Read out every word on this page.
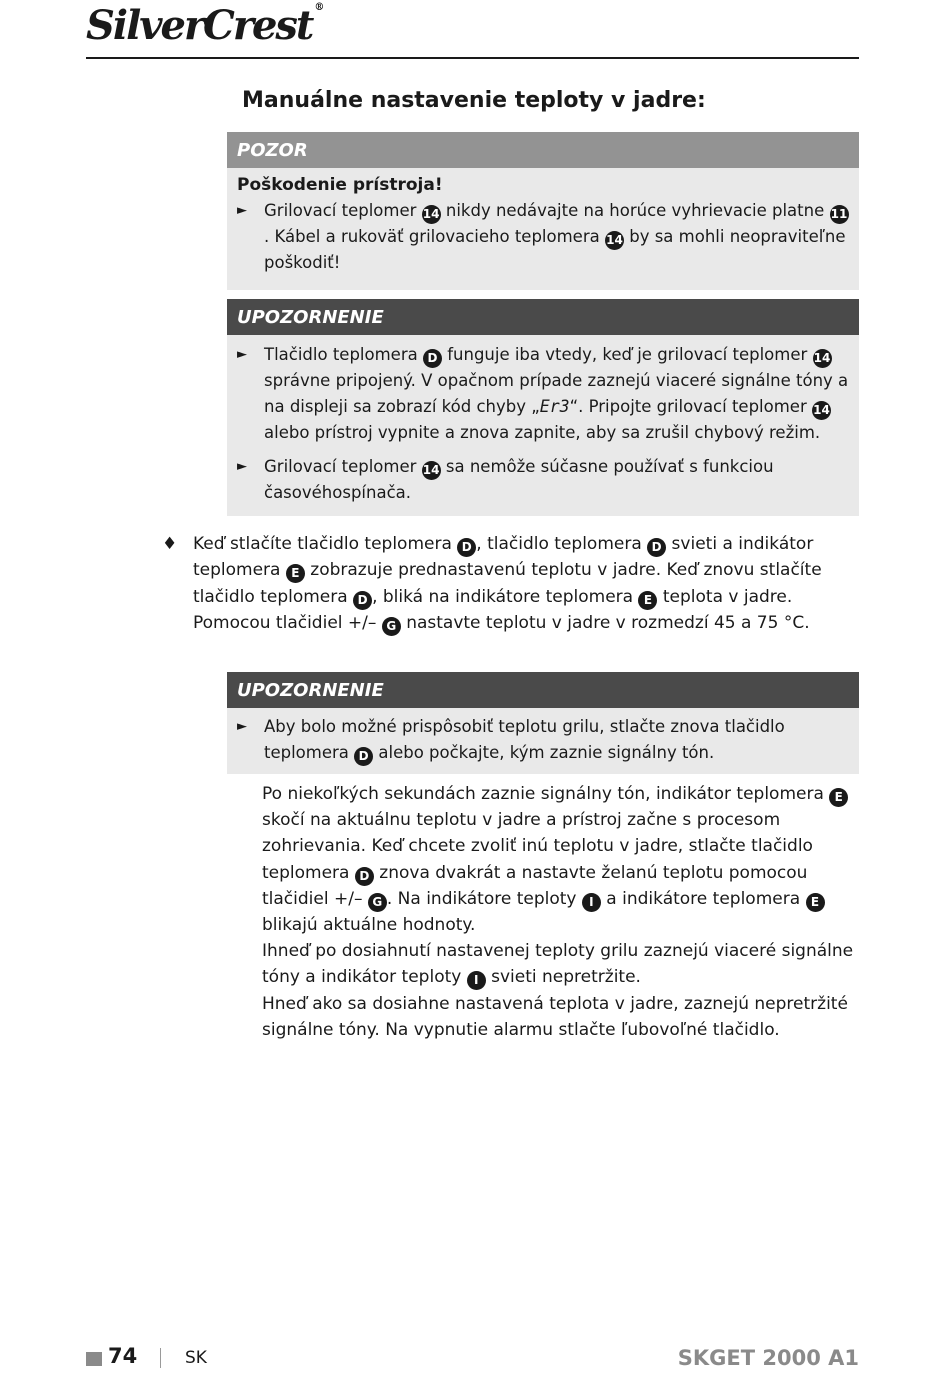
SilverCrest ®
Manuálne nastavenie teploty v jadre:
POZOR
Poškodenie prístroja!
► Grilovací teplomer 14 nikdy nedávajte na horúce vyhrievacie platne 11. Kábel a rukoväť grilovacieho teplomera 14 by sa mohli neopraviteľne poškodiť!
UPOZORNENIE
► Tlačidlo teplomera D funguje iba vtedy, keď je grilovací teplomer 14 správne pripojený. V opačnom prípade zaznejú viaceré signálne tóny a na displeji sa zobrazí kód chyby „Er3“. Pripojte grilovací teplomer 14 alebo prístroj vypnite a znova zapnite, aby sa zrušil chybový režim.
► Grilovací teplomer 14 sa nemôže súčasne používať s funkciou časovéhospínača.
♦ Keď stlačíte tlačidlo teplomera D , tlačidlo teplomera D svieti a indikátor teplomera E zobrazuje prednastavenú teplotu v jadre. Keď znovu stlačíte tlačidlo teplomera D , bliká na indikátore teplomera E teplota v jadre. Pomocou tlačidiel +/– G nastavte teplotu v jadre v rozmedzí 45 a 75 °C.
UPOZORNENIE
► Aby bolo možné prispôsobiť teplotu grilu, stlačte znova tlačidlo teplomera D alebo počkajte, kým zaznie signálny tón.
Po niekoľkých sekundách zaznie signálny tón, indikátor teplomera E skočí na aktuálnu teplotu v jadre a prístroj začne s procesom zohrievania. Keď chcete zvoliť inú teplotu v jadre, stlačte tlačidlo teplomera D znova dvakrát a nastavte želanú teplotu pomocou tlačidiel +/– G . Na indikátore teploty I a indikátore teplomera E blikajú aktuálne hodnoty.
Ihneď po dosiahnutí nastavenej teploty grilu zaznejú viaceré signálne tóny a indikátor teploty I svieti nepretržite.
Hneď ako sa dosiahne nastavená teplota v jadre, zaznejú nepretržité signálne tóny. Na vypnutie alarmu stlačte ľubovoľné tlačidlo.
74	SK	SKGET 2000 A1
